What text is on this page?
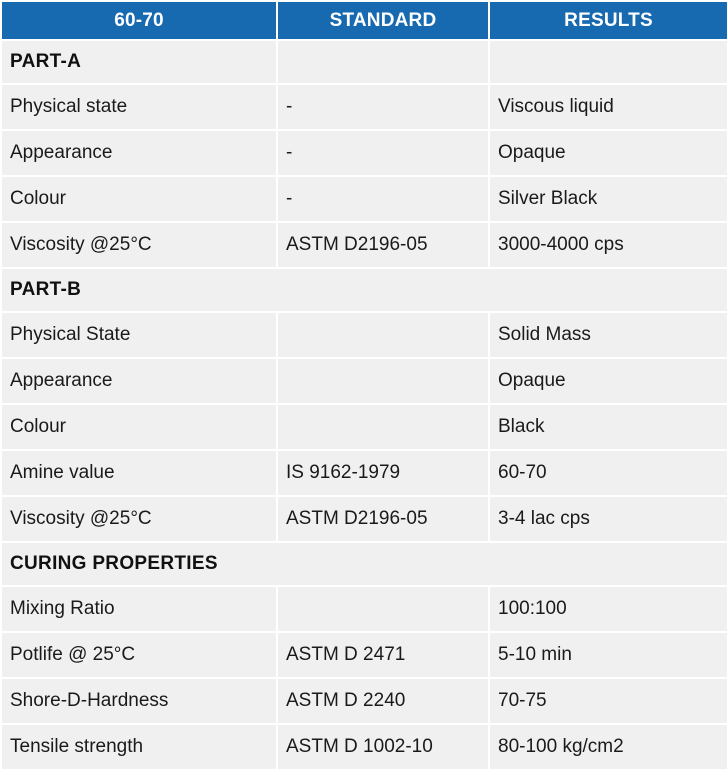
60-70	STANDARD	RESULTS
PART-A		
Physical state	-	Viscous liquid
Appearance	-	Opaque
Colour	-	Silver Black
Viscosity @25°C	ASTM D2196-05	3000-4000 cps
PART-B		
Physical State		Solid Mass
Appearance		Opaque
Colour		Black
Amine value	IS 9162-1979	60-70
Viscosity @25°C	ASTM D2196-05	3-4 lac cps
CURING PROPERTIES		
Mixing Ratio		100:100
Potlife @ 25°C	ASTM D 2471	5-10 min
Shore-D-Hardness	ASTM D 2240	70-75
Tensile strength	ASTM D 1002-10	80-100 kg/cm2
